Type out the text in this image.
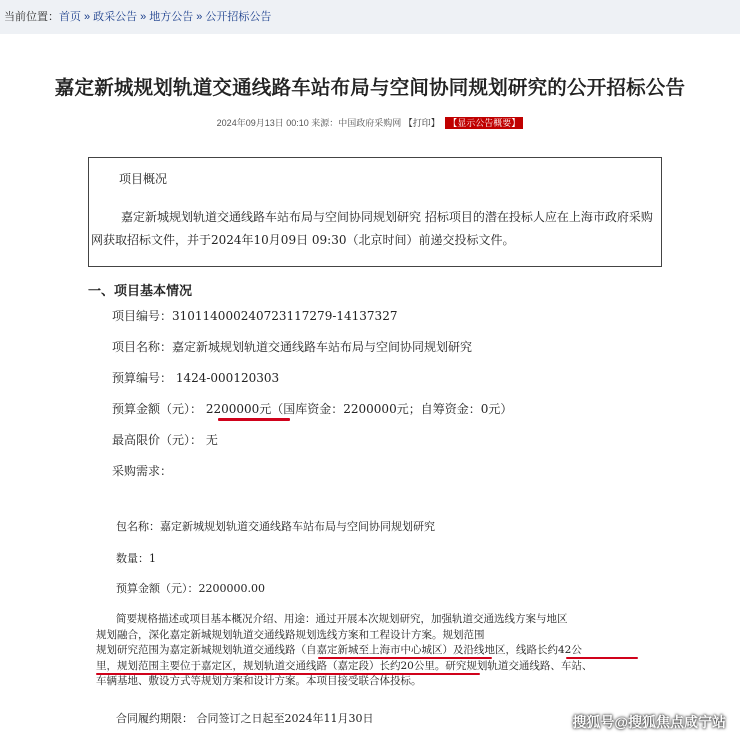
当前位置：首页 » 政采公告 » 地方公告 » 公开招标公告
嘉定新城规划轨道交通线路车站布局与空间协同规划研究的公开招标公告
2024年09月13日 00:10 来源：中国政府采购网 【打印】 【显示公告概要】
项目概况
嘉定新城规划轨道交通线路车站布局与空间协同规划研究 招标项目的潜在投标人应在上海市政府采购网获取招标文件，并于2024年10月09日 09:30（北京时间）前递交投标文件。
一、项目基本情况
项目编号：310114000240723117279-14137327
项目名称：嘉定新城规划轨道交通线路车站布局与空间协同规划研究
预算编号： 1424-000120303
预算金额（元）： 2200000元（国库资金：2200000元；自筹资金：0元）
最高限价（元）： 无
采购需求：
包名称：嘉定新城规划轨道交通线路车站布局与空间协同规划研究
数量：1
预算金额（元）：2200000.00
简要规格描述或项目基本概况介绍、用途：通过开展本次规划研究，加强轨道交通选线方案与地区
规划融合，深化嘉定新城规划轨道交通线路规划选线方案和工程设计方案。规划范围
规划研究范围为嘉定新城规划轨道交通线路（自嘉定新城至上海市中心城区）及沿线地区，线路长约42公
里，规划范围主要位于嘉定区，规划轨道交通线路（嘉定段）长约20公里。研究规划轨道交通线路、车站、
车辆基地、敷设方式等规划方案和设计方案。本项目接受联合体投标。
合同履约期限： 合同签订之日起至2024年11月30日	搜狐号@搜狐焦点咸宁站
